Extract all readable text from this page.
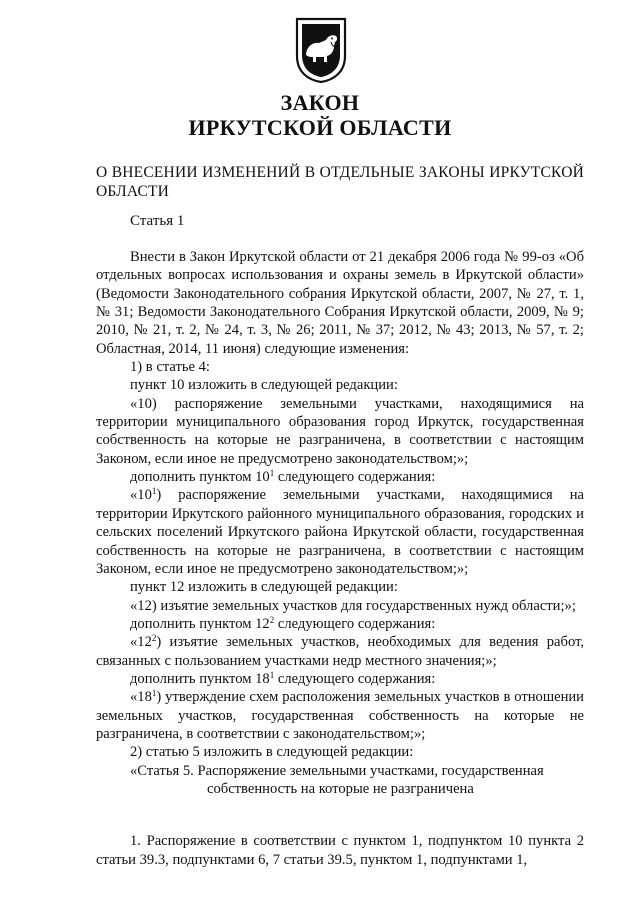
ЗАКОН
ИРКУТСКОЙ ОБЛАСТИ
О ВНЕСЕНИИ ИЗМЕНЕНИЙ В ОТДЕЛЬНЫЕ ЗАКОНЫ ИРКУТСКОЙ ОБЛАСТИ
Статья 1

Внести в Закон Иркутской области от 21 декабря 2006 года № 99-оз «Об отдельных вопросах использования и охраны земель в Иркутской области» (Ведомости Законодательного собрания Иркутской области, 2007, № 27, т. 1, № 31; Ведомости Законодательного Собрания Иркутской области, 2009, № 9; 2010, № 21, т. 2, № 24, т. 3, № 26; 2011, № 37; 2012, № 43; 2013, № 57, т. 2; Областная, 2014, 11 июня) следующие изменения:

1) в статье 4:

пункт 10 изложить в следующей редакции:

«10) распоряжение земельными участками, находящимися на территории муниципального образования город Иркутск, государственная собственность на которые не разграничена, в соответствии с настоящим Законом, если иное не предусмотрено законодательством;»;

дополнить пунктом $10^1$ следующего содержания:

«$10^1$) распоряжение земельными участками, находящимися на территории Иркутского районного муниципального образования, городских и сельских поселений Иркутского района Иркутской области, государственная собственность на которые не разграничена, в соответствии с настоящим Законом, если иное не предусмотрено законодательством;»;

пункт 12 изложить в следующей редакции:

«12) изъятие земельных участков для государственных нужд области;»;

дополнить пунктом $12^2$ следующего содержания:

«$12^2$) изъятие земельных участков, необходимых для ведения работ, связанных с пользованием участками недр местного значения;»;

дополнить пунктом $18^1$ следующего содержания:

«$18^1$) утверждение схем расположения земельных участков в отношении земельных участков, государственная собственность на которые не разграничена, в соответствии с законодательством;»;

2) статью 5 изложить в следующей редакции:

«Статья 5. Распоряжение земельными участками, государственная
собственность на которые не разграничена

1. Распоряжение в соответствии с пунктом 1, подпунктом 10 пункта 2 статьи 39.3, подпунктами 6, 7 статьи 39.5, пунктом 1, подпунктами 1,
